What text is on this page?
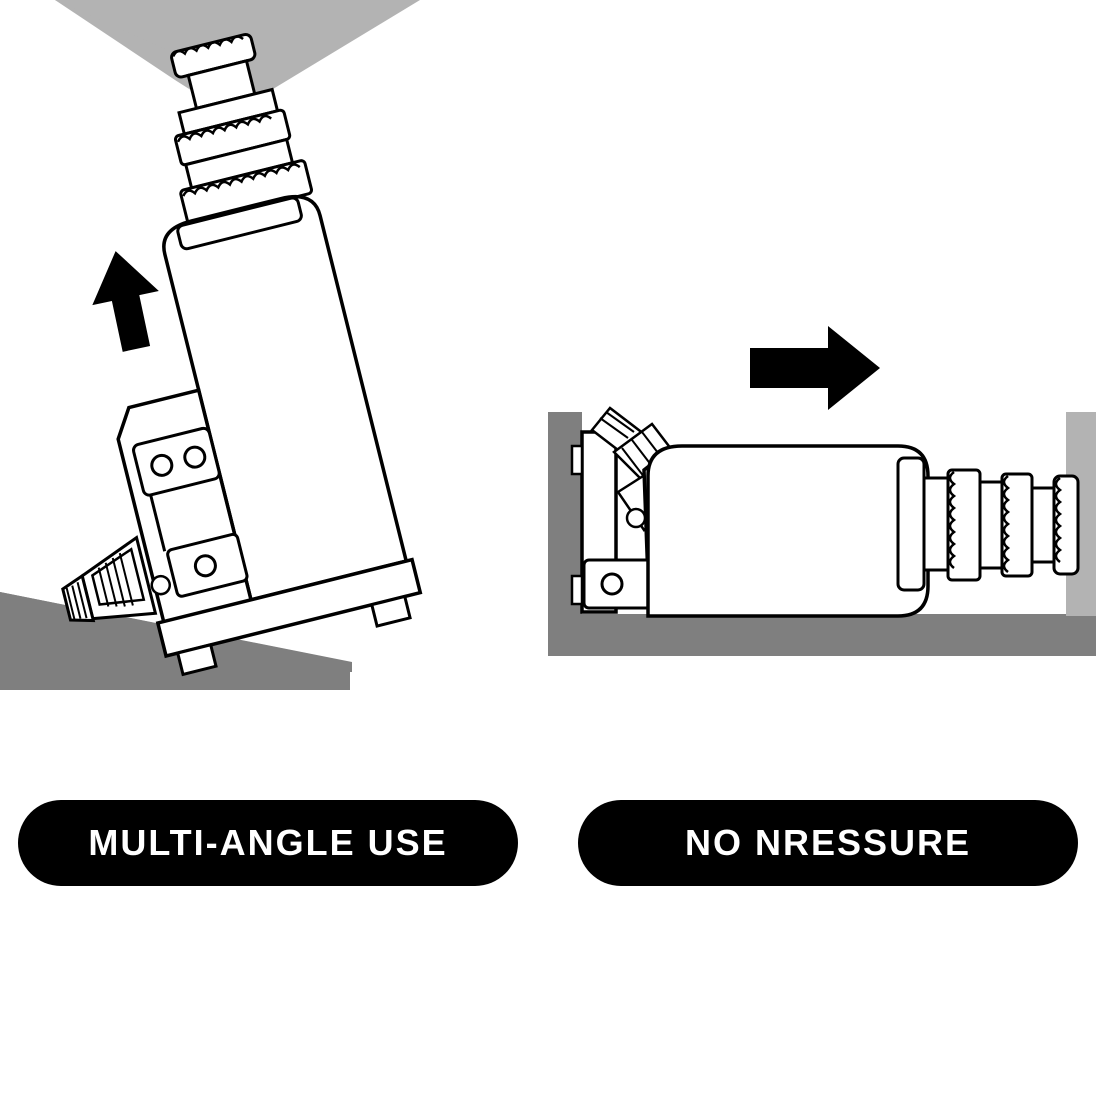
MULTI-ANGLE USE	NO NRESSURE
